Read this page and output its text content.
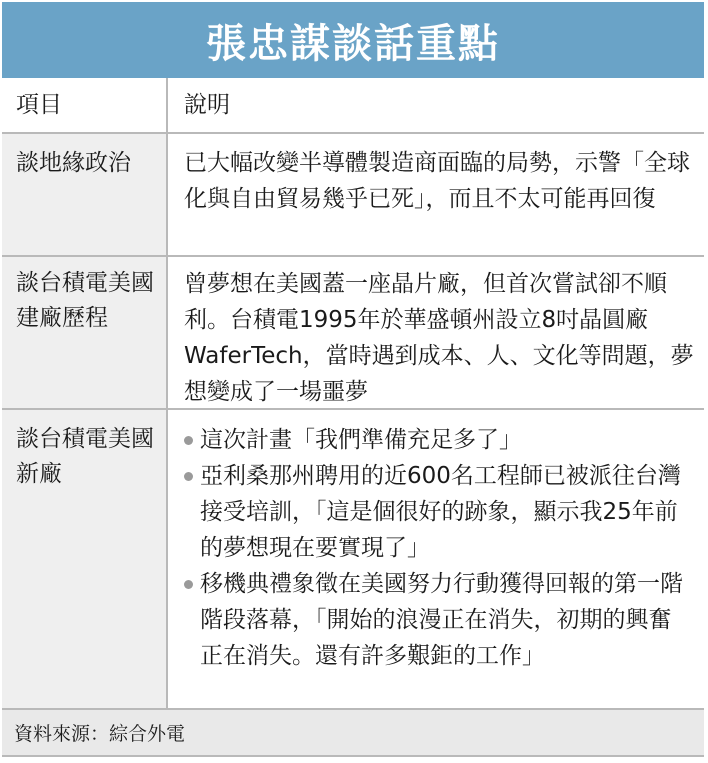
張忠謀談話重點
項目	說明
談地緣政治	已大幅改變半導體製造商面臨的局勢，示警「全球化與自由貿易幾乎已死」，而且不太可能再回復
談台積電美國建廠歷程
曾夢想在美國蓋一座晶片廠，但首次嘗試卻不順利。台積電1995年於華盛頓州設立8吋晶圓廠WaferTech，當時遇到成本、人、文化等問題，夢想變成了一場噩夢
談台積電美國新廠
這次計畫「我們準備充足多了」
亞利桑那州聘用的近600名工程師已被派往台灣接受培訓，「這是個很好的跡象，顯示我25年前的夢想現在要實現了」
移機典禮象徵在美國努力行動獲得回報的第一階階段落幕，「開始的浪漫正在消失，初期的興奮正在消失。還有許多艱鉅的工作」
資料來源：綜合外電
